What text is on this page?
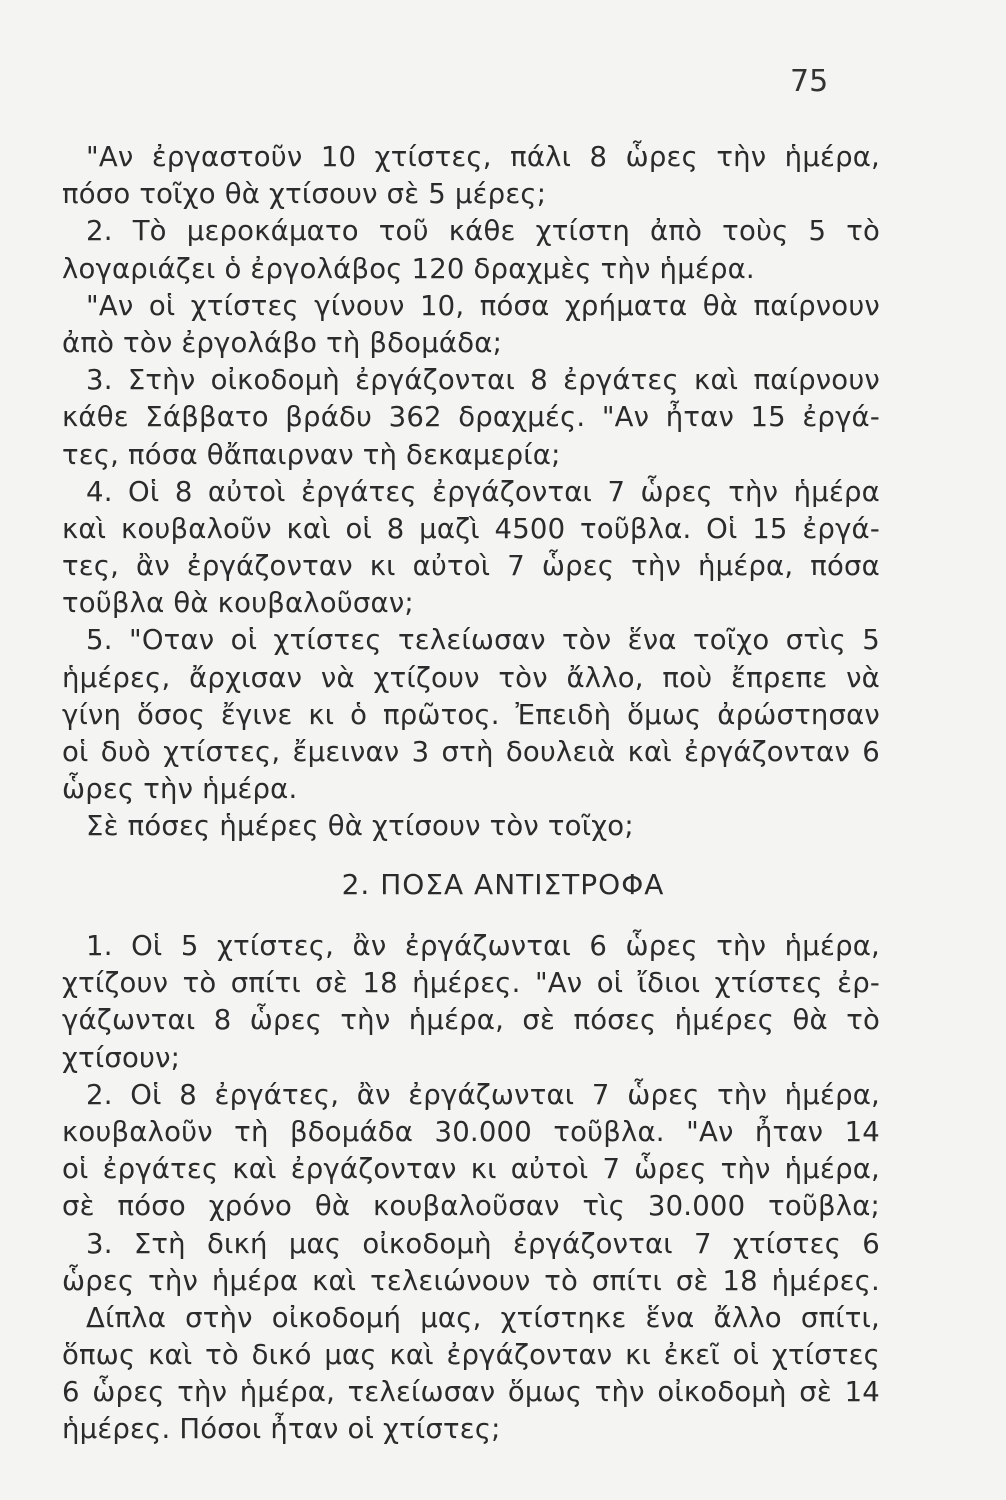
75
"Αν ἐργαστοῦν 10 χτίστες, πάλι 8 ὧρες τὴν ἡμέρα,
πόσο τοῖχο θὰ χτίσουν σὲ 5 μέρες;
2. Τὸ μεροκάματο τοῦ κάθε χτίστη ἀπὸ τοὺς 5 τὸ
λογαριάζει ὁ ἐργολάβος 120 δραχμὲς τὴν ἡμέρα.
"Αν οἱ χτίστες γίνουν 10, πόσα χρήματα θὰ παίρνουν
ἀπὸ τὸν ἐργολάβο τὴ βδομάδα;
3. Στὴν οἰκοδομὴ ἐργάζονται 8 ἐργάτες καὶ παίρνουν
κάθε Σάββατο βράδυ 362 δραχμές. "Αν ἦταν 15 ἐργά-
τες, πόσα θἄπαιρναν τὴ δεκαμερία;
4. Οἱ 8 αὐτοὶ ἐργάτες ἐργάζονται 7 ὧρες τὴν ἡμέρα
καὶ κουβαλοῦν καὶ οἱ 8 μαζὶ 4500 τοῦβλα. Οἱ 15 ἐργά-
τες, ἂν ἐργάζονταν κι αὐτοὶ 7 ὧρες τὴν ἡμέρα, πόσα
τοῦβλα θὰ κουβαλοῦσαν;
5. "Οταν οἱ χτίστες τελείωσαν τὸν ἕνα τοῖχο στὶς 5
ἡμέρες, ἄρχισαν νὰ χτίζουν τὸν ἄλλο, ποὺ ἔπρεπε νὰ
γίνη ὅσος ἔγινε κι ὁ πρῶτος. Ἐπειδὴ ὅμως ἀρώστησαν
οἱ δυὸ χτίστες, ἔμειναν 3 στὴ δουλειὰ καὶ ἐργάζονταν 6
ὧρες τὴν ἡμέρα.
Σὲ πόσες ἡμέρες θὰ χτίσουν τὸν τοῖχο;
2. ΠΟΣΑ ΑΝΤΙΣΤΡΟΦΑ
1. Οἱ 5 χτίστες, ἂν ἐργάζωνται 6 ὧρες τὴν ἡμέρα,
χτίζουν τὸ σπίτι σὲ 18 ἡμέρες. "Αν οἱ ἴδιοι χτίστες ἐρ-
γάζωνται 8 ὧρες τὴν ἡμέρα, σὲ πόσες ἡμέρες θὰ τὸ
χτίσουν;
2. Οἱ 8 ἐργάτες, ἂν ἐργάζωνται 7 ὧρες τὴν ἡμέρα,
κουβαλοῦν τὴ βδομάδα 30.000 τοῦβλα. "Αν ἦταν 14
οἱ ἐργάτες καὶ ἐργάζονταν κι αὐτοὶ 7 ὧρες τὴν ἡμέρα,
σὲ πόσο χρόνο θὰ κουβαλοῦσαν τὶς 30.000 τοῦβλα;
3. Στὴ δική μας οἰκοδομὴ ἐργάζονται 7 χτίστες 6
ὧρες τὴν ἡμέρα καὶ τελειώνουν τὸ σπίτι σὲ 18 ἡμέρες.
Δίπλα στὴν οἰκοδομή μας, χτίστηκε ἕνα ἄλλο σπίτι,
ὅπως καὶ τὸ δικό μας καὶ ἐργάζονταν κι ἐκεῖ οἱ χτίστες
6 ὧρες τὴν ἡμέρα, τελείωσαν ὅμως τὴν οἰκοδομὴ σὲ 14
ἡμέρες. Πόσοι ἦταν οἱ χτίστες;
